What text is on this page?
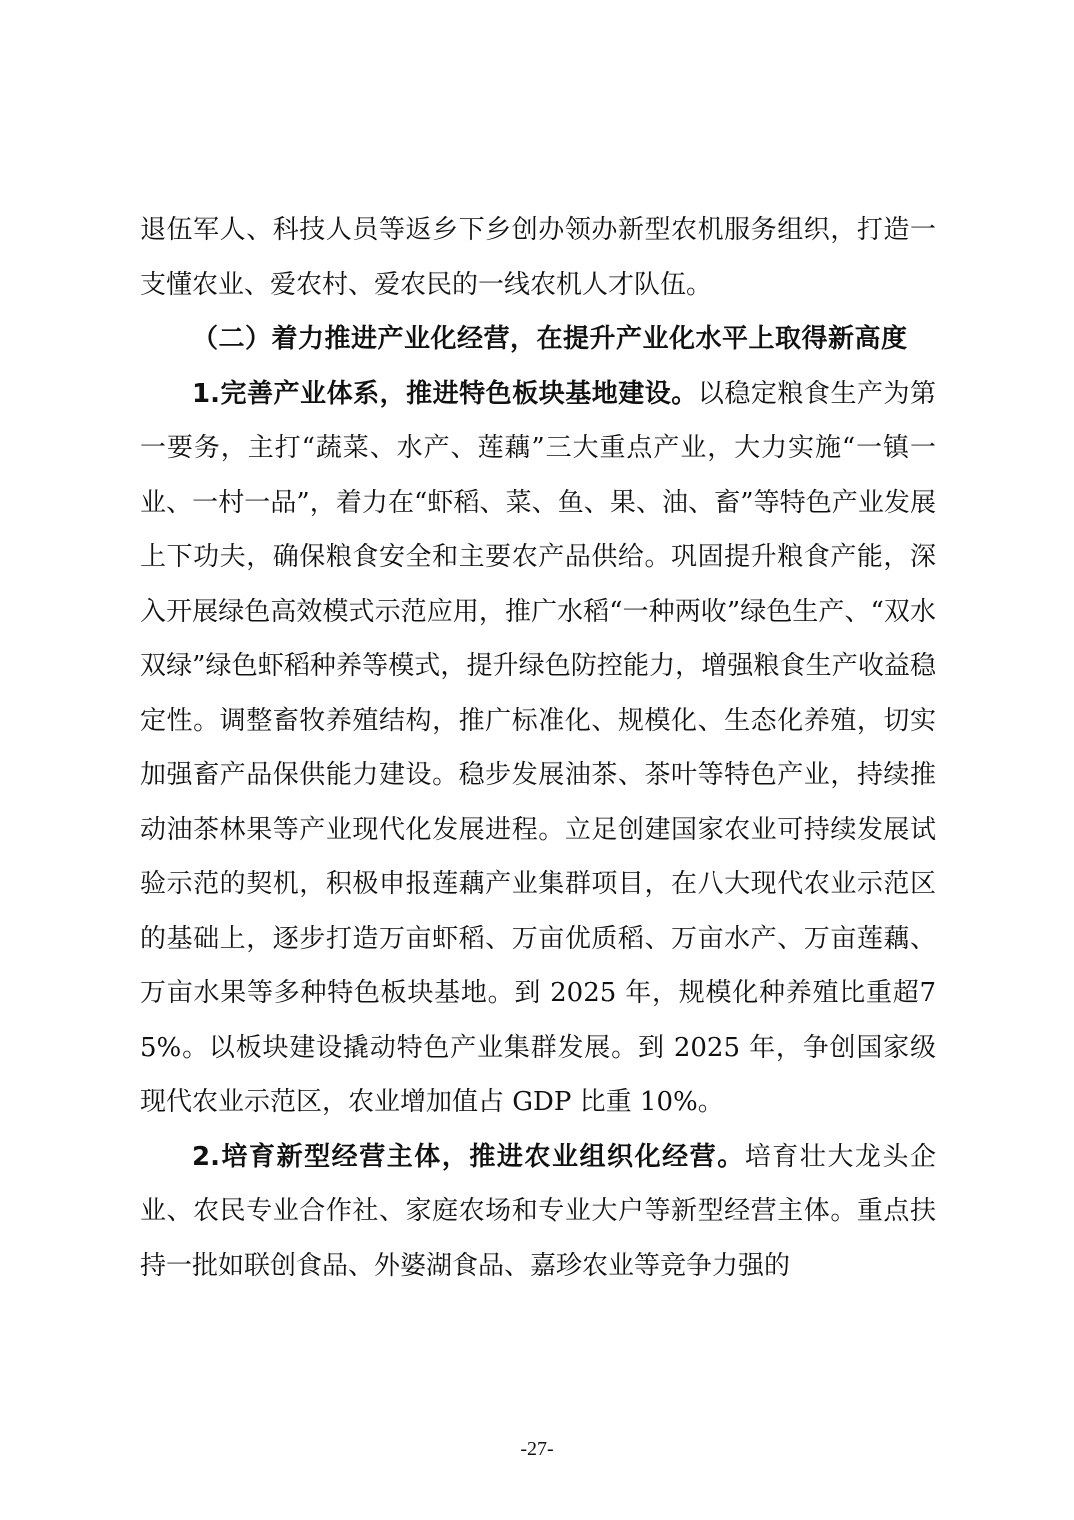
退伍军人、科技人员等返乡下乡创办领办新型农机服务组织，打造一支懂农业、爱农村、爱农民的一线农机人才队伍。

（二）着力推进产业化经营，在提升产业化水平上取得新高度

1.完善产业体系，推进特色板块基地建设。以稳定粮食生产为第一要务，主打“蔬菜、水产、莲藕”三大重点产业，大力实施“一镇一业、一村一品”，着力在“虾稻、菜、鱼、果、油、畜”等特色产业发展上下功夫，确保粮食安全和主要农产品供给。巩固提升粮食产能，深入开展绿色高效模式示范应用，推广水稻“一种两收”绿色生产、“双水双绿”绿色虾稻种养等模式，提升绿色防控能力，增强粮食生产收益稳定性。调整畜牧养殖结构，推广标准化、规模化、生态化养殖，切实加强畜产品保供能力建设。稳步发展油茶、茶叶等特色产业，持续推动油茶林果等产业现代化发展进程。立足创建国家农业可持续发展试验示范的契机，积极申报莲藕产业集群项目，在八大现代农业示范区的基础上，逐步打造万亩虾稻、万亩优质稻、万亩水产、万亩莲藕、万亩水果等多种特色板块基地。到 2025 年，规模化种养殖比重超75%。以板块建设撬动特色产业集群发展。到 2025 年，争创国家级现代农业示范区，农业增加值占 GDP 比重 10%。

2.培育新型经营主体，推进农业组织化经营。培育壮大龙头企业、农民专业合作社、家庭农场和专业大户等新型经营主体。重点扶持一批如联创食品、外婆湖食品、嘉珍农业等竞争力强的

-27-
